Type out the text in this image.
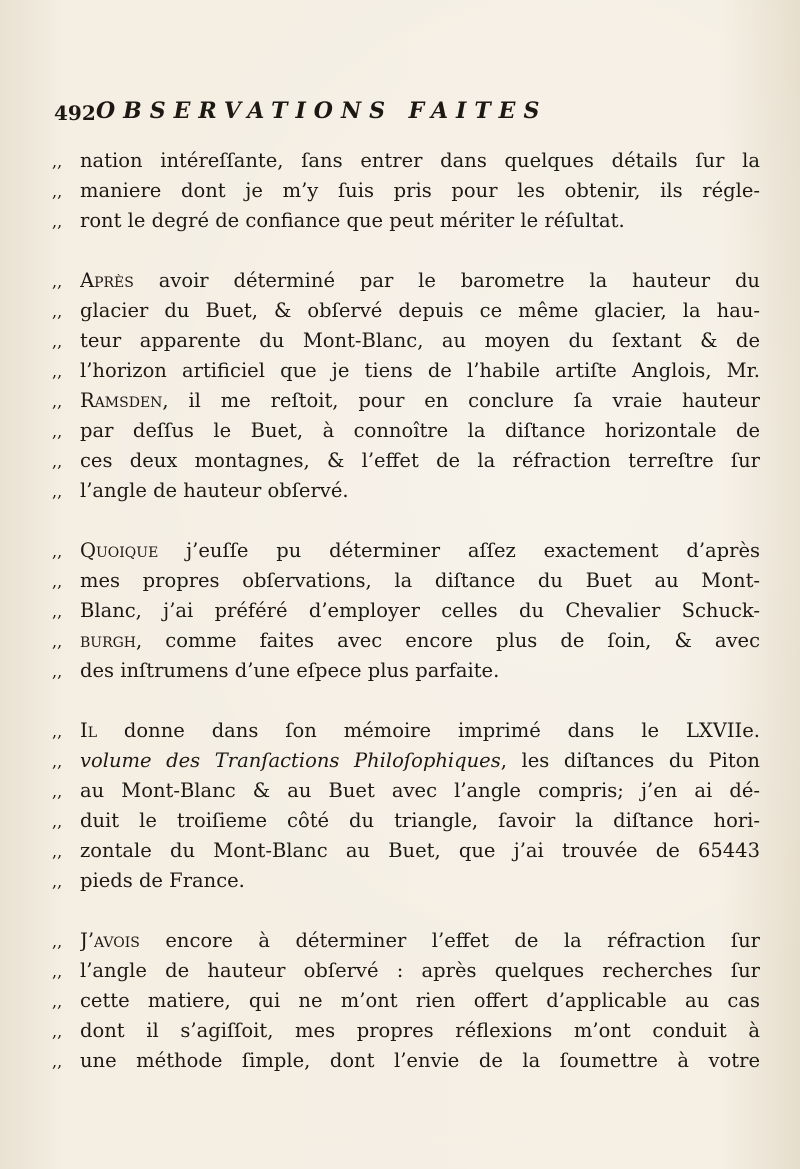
492 OBSERVATIONS FAITES
,, nation intéreſſante, ſans entrer dans quelques détails ſur la
,, maniere dont je m’y ſuis pris pour les obtenir, ils régle-
,, ront le degré de confiance que peut mériter le réſultat.
,, Après avoir déterminé par le barometre la hauteur du
,, glacier du Buet, & obſervé depuis ce même glacier, la hau-
,, teur apparente du Mont-Blanc, au moyen du ſextant & de
,, l’horizon artificiel que je tiens de l’habile artiſte Anglois, Mr.
,, Ramsden, il me reſtoit, pour en conclure ſa vraie hauteur
,, par deſſus le Buet, à connoître la diſtance horizontale de
,, ces deux montagnes, & l’effet de la réfraction terreſtre ſur
,, l’angle de hauteur obſervé.
,, Quoique j’euſſe pu déterminer aſſez exactement d’après
,, mes propres obſervations, la diſtance du Buet au Mont-
,, Blanc, j’ai préféré d’employer celles du Chevalier Schuck-
,, burgh, comme faites avec encore plus de ſoin, & avec
,, des inſtrumens d’une eſpece plus parfaite.
,, Il donne dans ſon mémoire imprimé dans le LXVIIe.
,, volume des Tranſactions Philoſophiques, les diſtances du Piton
,, au Mont-Blanc & au Buet avec l’angle compris; j’en ai dé-
,, duit le troiſieme côté du triangle, ſavoir la diſtance hori-
,, zontale du Mont-Blanc au Buet, que j’ai trouvée de 65443
,, pieds de France.
,, J’avois encore à déterminer l’effet de la réfraction ſur
,, l’angle de hauteur obſervé : après quelques recherches ſur
,, cette matiere, qui ne m’ont rien offert d’applicable au cas
,, dont il s’agiſſoit, mes propres réflexions m’ont conduit à
,, une méthode ſimple, dont l’envie de la ſoumettre à votre
